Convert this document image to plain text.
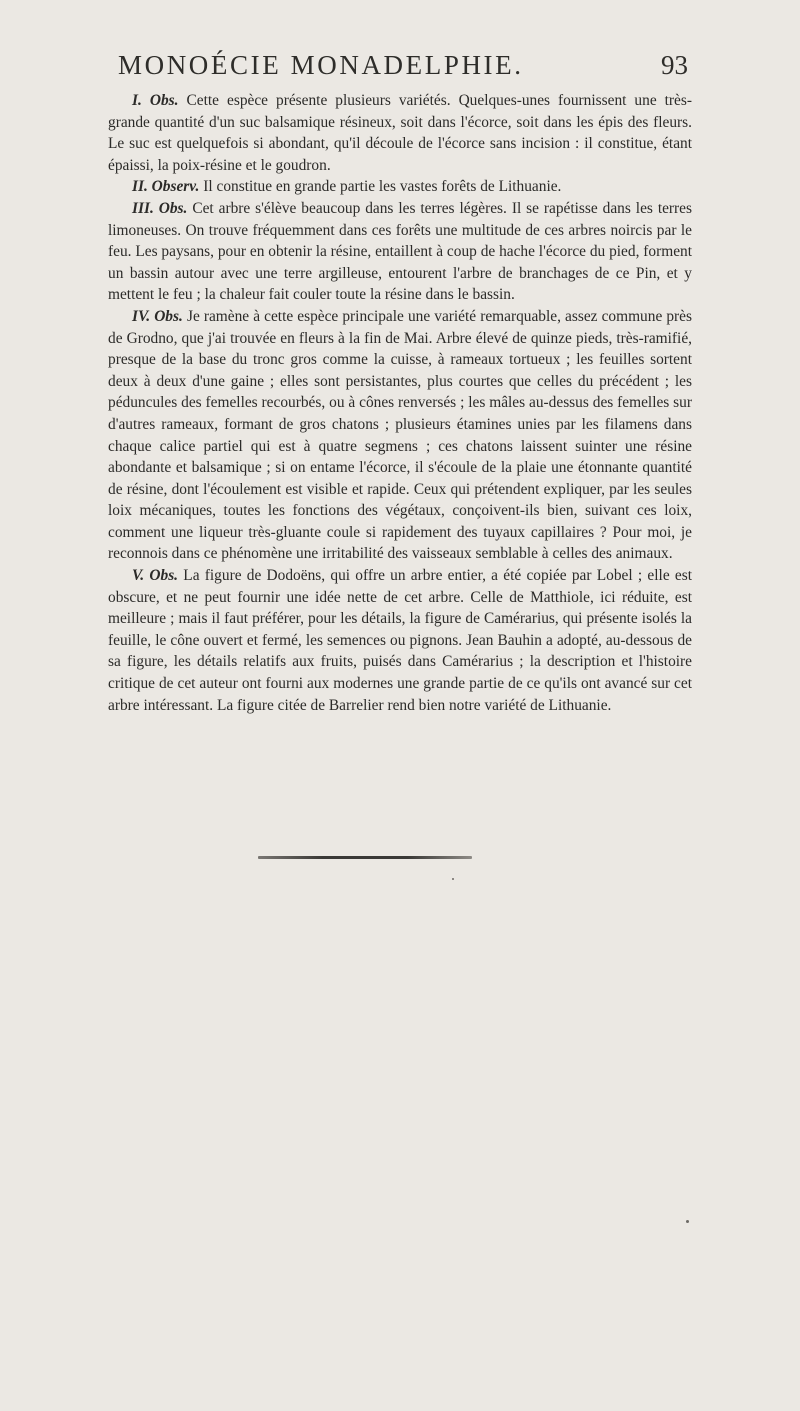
MONOÉCIE MONADELPHIE.	93

I. Obs. Cette espèce présente plusieurs variétés. Quelques-unes fournissent une très-grande quantité d'un suc balsamique résineux, soit dans l'écorce, soit dans les épis des fleurs. Le suc est quelquefois si abondant, qu'il découle de l'écorce sans incision : il constitue, étant épaissi, la poix-résine et le goudron.

II. Observ. Il constitue en grande partie les vastes forêts de Lithuanie.

III. Obs. Cet arbre s'élève beaucoup dans les terres légères. Il se rapétisse dans les terres limoneuses. On trouve fréquemment dans ces forêts une multitude de ces arbres noircis par le feu. Les paysans, pour en obtenir la résine, entaillent à coup de hache l'écorce du pied, forment un bassin autour avec une terre argilleuse, entourent l'arbre de branchages de ce Pin, et y mettent le feu ; la chaleur fait couler toute la résine dans le bassin.

IV. Obs. Je ramène à cette espèce principale une variété remarquable, assez commune près de Grodno, que j'ai trouvée en fleurs à la fin de Mai. Arbre élevé de quinze pieds, très-ramifié, presque de la base du tronc gros comme la cuisse, à rameaux tortueux ; les feuilles sortent deux à deux d'une gaine ; elles sont persistantes, plus courtes que celles du précédent ; les péduncules des femelles recourbés, ou à cônes renversés ; les mâles au-dessus des femelles sur d'autres rameaux, formant de gros chatons ; plusieurs étamines unies par les filamens dans chaque calice partiel qui est à quatre segmens ; ces chatons laissent suinter une résine abondante et balsamique ; si on entame l'écorce, il s'écoule de la plaie une étonnante quantité de résine, dont l'écoulement est visible et rapide. Ceux qui prétendent expliquer, par les seules loix mécaniques, toutes les fonctions des végétaux, conçoivent-ils bien, suivant ces loix, comment une liqueur très-gluante coule si rapidement des tuyaux capillaires ? Pour moi, je reconnois dans ce phénomène une irritabilité des vaisseaux semblable à celles des animaux.

V. Obs. La figure de Dodoëns, qui offre un arbre entier, a été copiée par Lobel ; elle est obscure, et ne peut fournir une idée nette de cet arbre. Celle de Matthiole, ici réduite, est meilleure ; mais il faut préférer, pour les détails, la figure de Camérarius, qui présente isolés la feuille, le cône ouvert et fermé, les semences ou pignons. Jean Bauhin a adopté, au-dessous de sa figure, les détails relatifs aux fruits, puisés dans Camérarius ; la description et l'histoire critique de cet auteur ont fourni aux modernes une grande partie de ce qu'ils ont avancé sur cet arbre intéressant. La figure citée de Barrelier rend bien notre variété de Lithuanie.
